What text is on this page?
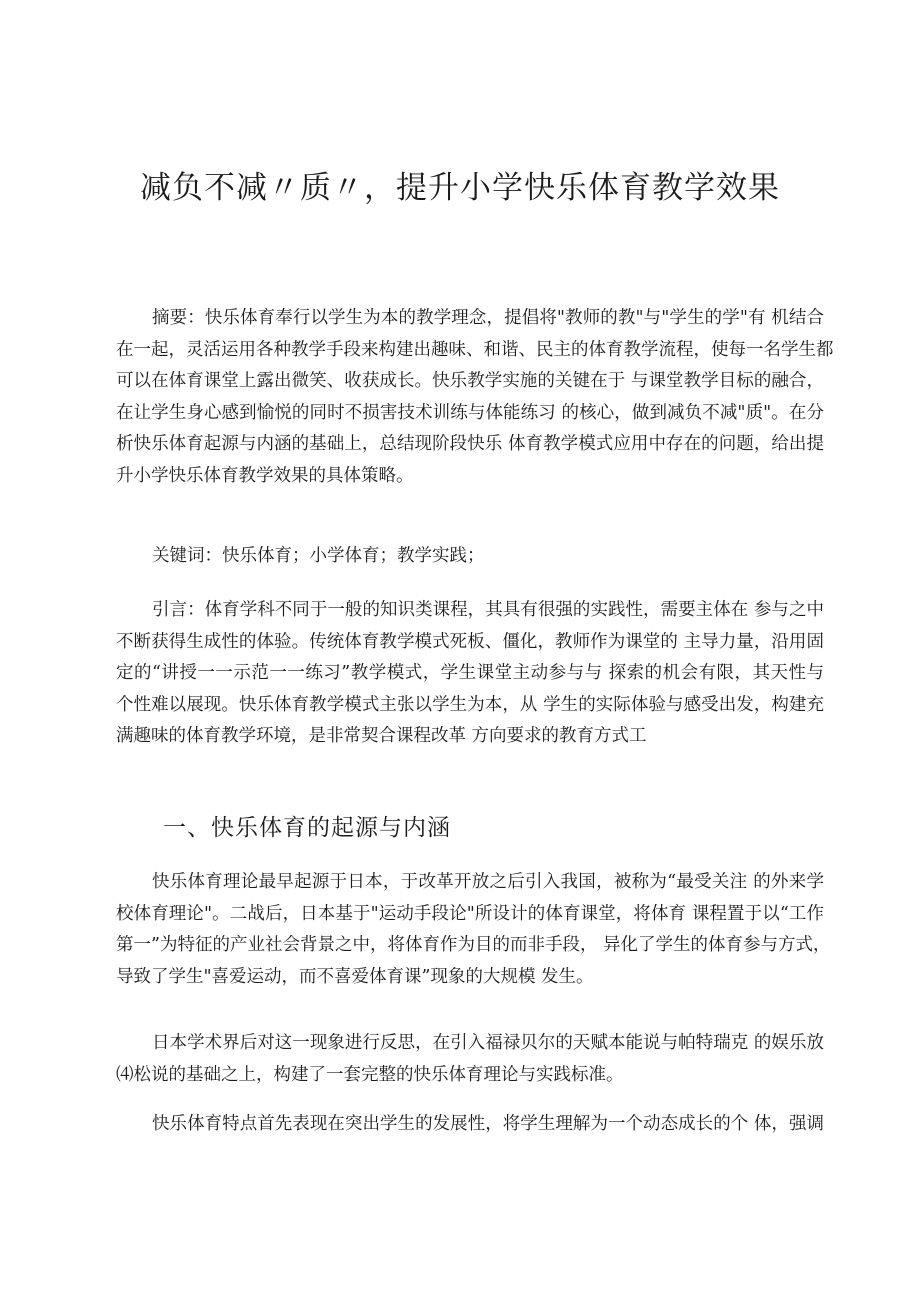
减负不减〃质〃，提升小学快乐体育教学效果

摘要：快乐体育奉行以学生为本的教学理念，提倡将"教师的教"与"学生的学"有 机结合
在一起，灵活运用各种教学手段来构建出趣味、和谐、民主的体育教学流程，使每一名学生都
可以在体育课堂上露出微笑、收获成长。快乐教学实施的关键在于 与课堂教学目标的融合，
在让学生身心感到愉悦的同时不损害技术训练与体能练习 的核心，做到减负不减"质"。在分
析快乐体育起源与内涵的基础上，总结现阶段快乐 体育教学模式应用中存在的问题，给出提
升小学快乐体育教学效果的具体策略。

关键词：快乐体育；小学体育；教学实践；

引言：体育学科不同于一般的知识类课程，其具有很强的实践性，需要主体在 参与之中
不断获得生成性的体验。传统体育教学模式死板、僵化，教师作为课堂的 主导力量，沿用固
定的“讲授一一示范一一练习”教学模式，学生课堂主动参与与 探索的机会有限，其天性与
个性难以展现。快乐体育教学模式主张以学生为本，从 学生的实际体验与感受出发，构建充
满趣味的体育教学环境，是非常契合课程改革 方向要求的教育方式工

一、快乐体育的起源与内涵

快乐体育理论最早起源于日本，于改革开放之后引入我国，被称为“最受关注 的外来学
校体育理论"。二战后，日本基于"运动手段论"所设计的体育课堂，将体育 课程置于以“工作
第一”为特征的产业社会背景之中，将体育作为目的而非手段， 异化了学生的体育参与方式，
导致了学生"喜爱运动，而不喜爱体育课”现象的大规模 发生。

日本学术界后对这一现象进行反思，在引入福禄贝尔的天赋本能说与帕特瑞克 的娱乐放
⑷松说的基础之上，构建了一套完整的快乐体育理论与实践标准。

快乐体育特点首先表现在突出学生的发展性，将学生理解为一个动态成长的个 体，强调
